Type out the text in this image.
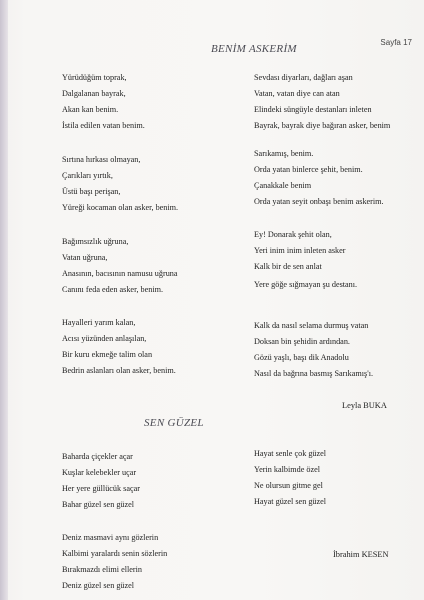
Sayfa 17
BENİM ASKERİM
Yürüdüğüm toprak,
Dalgalanan bayrak,
Akan kan benim.
İstila edilen vatan benim.
Sırtına hırkası olmayan,
Çarıkları yırtık,
Üstü başı perişan,
Yüreği kocaman olan asker, benim.
Bağımsızlık uğruna,
Vatan uğruna,
Anasının, bacısının namusu uğruna
Canını feda eden asker, benim.
Hayalleri yarım kalan,
Acısı yüzünden anlaşılan,
Bir kuru ekmeğe talim olan
Bedrin aslanları olan asker, benim.
Sevdası diyarları, dağları aşan
Vatan, vatan diye can atan
Elindeki süngüyle destanları inleten
Bayrak, bayrak diye bağıran asker, benim
Sarıkamış, benim.
Orda yatan binlerce şehit, benim.
Çanakkale benim
Orda yatan seyit onbaşı benim askerim.
Ey! Donarak şehit olan,
Yeri inim inim inleten asker
Kalk bir de sen anlat
Yere göğe sığmayan şu destanı.
Kalk da nasıl selama durmuş vatan
Doksan bin şehidin ardından.
Gözü yaşlı, başı dik Anadolu
Nasıl da bağrına basmış Sarıkamış'ı.
Leyla BUKA
SEN GÜZEL
Baharda çiçekler açar
Kuşlar kelebekler uçar
Her yere güllücük saçar
Bahar güzel sen güzel
Deniz masmavi aynı gözlerin
Kalbimi yaralardı senin sözlerin
Bırakmazdı elimi ellerin
Deniz güzel sen güzel
Hayat senle çok güzel
Yerin kalbimde özel
Ne olursun gitme gel
Hayat güzel sen güzel
İbrahim KESEN
